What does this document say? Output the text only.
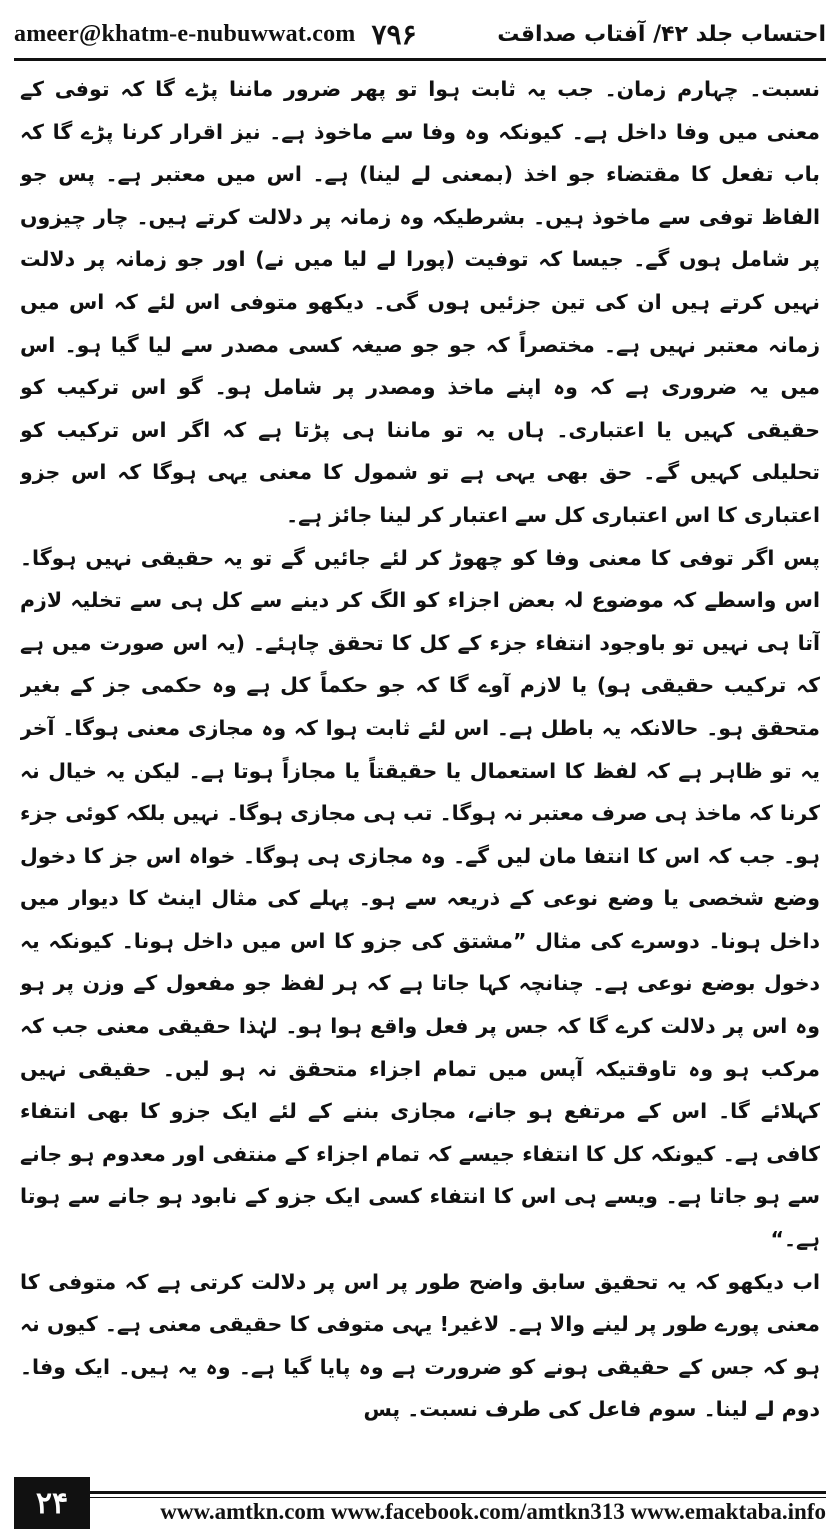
ameer@khatm-e-nubuwwat.com ۷۹۶	احتساب جلد ۴۲/ آفتاب صداقت

نسبت۔ چہارم زمان۔ جب یہ ثابت ہوا تو پھر ضرور ماننا پڑے گا کہ توفی کے معنی میں وفا داخل ہے۔ کیونکہ وہ وفا سے ماخوذ ہے۔ نیز اقرار کرنا پڑے گا کہ باب تفعل کا مقتضاء جو اخذ (بمعنی لے لینا) ہے۔ اس میں معتبر ہے۔ پس جو الفاظ توفی سے ماخوذ ہیں۔ بشرطیکہ وہ زمانہ پر دلالت کرتے ہیں۔ چار چیزوں پر شامل ہوں گے۔ جیسا کہ توفیت (پورا لے لیا میں نے) اور جو زمانہ پر دلالت نہیں کرتے ہیں ان کی تین جزئیں ہوں گی۔ دیکھو متوفی اس لئے کہ اس میں زمانہ معتبر نہیں ہے۔ مختصراً کہ جو جو صیغہ کسی مصدر سے لیا گیا ہو۔ اس میں یہ ضروری ہے کہ وہ اپنے ماخذ ومصدر پر شامل ہو۔ گو اس ترکیب کو حقیقی کہیں یا اعتباری۔ ہاں یہ تو ماننا ہی پڑتا ہے کہ اگر اس ترکیب کو تحلیلی کہیں گے۔ حق بھی یہی ہے تو شمول کا معنی یہی ہوگا کہ اس جزو اعتباری کا اس اعتباری کل سے اعتبار کر لینا جائز ہے۔

پس اگر توفی کا معنی وفا کو چھوڑ کر لئے جائیں گے تو یہ حقیقی نہیں ہوگا۔ اس واسطے کہ موضوع لہ بعض اجزاء کو الگ کر دینے سے کل ہی سے تخلیہ لازم آتا ہی نہیں تو باوجود انتفاء جزء کے کل کا تحقق چاہئے۔ (یہ اس صورت میں ہے کہ ترکیب حقیقی ہو) یا لازم آوے گا کہ جو حکماً کل ہے وہ حکمی جز کے بغیر متحقق ہو۔ حالانکہ یہ باطل ہے۔ اس لئے ثابت ہوا کہ وہ مجازی معنی ہوگا۔ آخر یہ تو ظاہر ہے کہ لفظ کا استعمال یا حقیقتاً یا مجازاً ہوتا ہے۔ لیکن یہ خیال نہ کرنا کہ ماخذ ہی صرف معتبر نہ ہوگا۔ تب ہی مجازی ہوگا۔ نہیں بلکہ کوئی جزء ہو۔ جب کہ اس کا انتفا مان لیں گے۔ وہ مجازی ہی ہوگا۔ خواہ اس جز کا دخول وضع شخصی یا وضع نوعی کے ذریعہ سے ہو۔ پہلے کی مثال اینٹ کا دیوار میں داخل ہونا۔ دوسرے کی مثال ”مشتق کی جزو کا اس میں داخل ہونا۔ کیونکہ یہ دخول بوضع نوعی ہے۔ چنانچہ کہا جاتا ہے کہ ہر لفظ جو مفعول کے وزن پر ہو وہ اس پر دلالت کرے گا کہ جس پر فعل واقع ہوا ہو۔ لہٰذا حقیقی معنی جب کہ مرکب ہو وہ تاوقتیکہ آپس میں تمام اجزاء متحقق نہ ہو لیں۔ حقیقی نہیں کہلائے گا۔ اس کے مرتفع ہو جانے، مجازی بننے کے لئے ایک جزو کا بھی انتفاء کافی ہے۔ کیونکہ کل کا انتفاء جیسے کہ تمام اجزاء کے منتفی اور معدوم ہو جانے سے ہو جاتا ہے۔ ویسے ہی اس کا انتفاء کسی ایک جزو کے نابود ہو جانے سے ہوتا ہے۔“

اب دیکھو کہ یہ تحقیق سابق واضح طور پر اس پر دلالت کرتی ہے کہ متوفی کا معنی پورے طور پر لینے والا ہے۔ لاغیر! یہی متوفی کا حقیقی معنی ہے۔ کیوں نہ ہو کہ جس کے حقیقی ہونے کو ضرورت ہے وہ پایا گیا ہے۔ وہ یہ ہیں۔ ایک وفا۔ دوم لے لینا۔ سوم فاعل کی طرف نسبت۔ پس

۲۴	www.amtkn.com www.facebook.com/amtkn313 www.emaktaba.info
